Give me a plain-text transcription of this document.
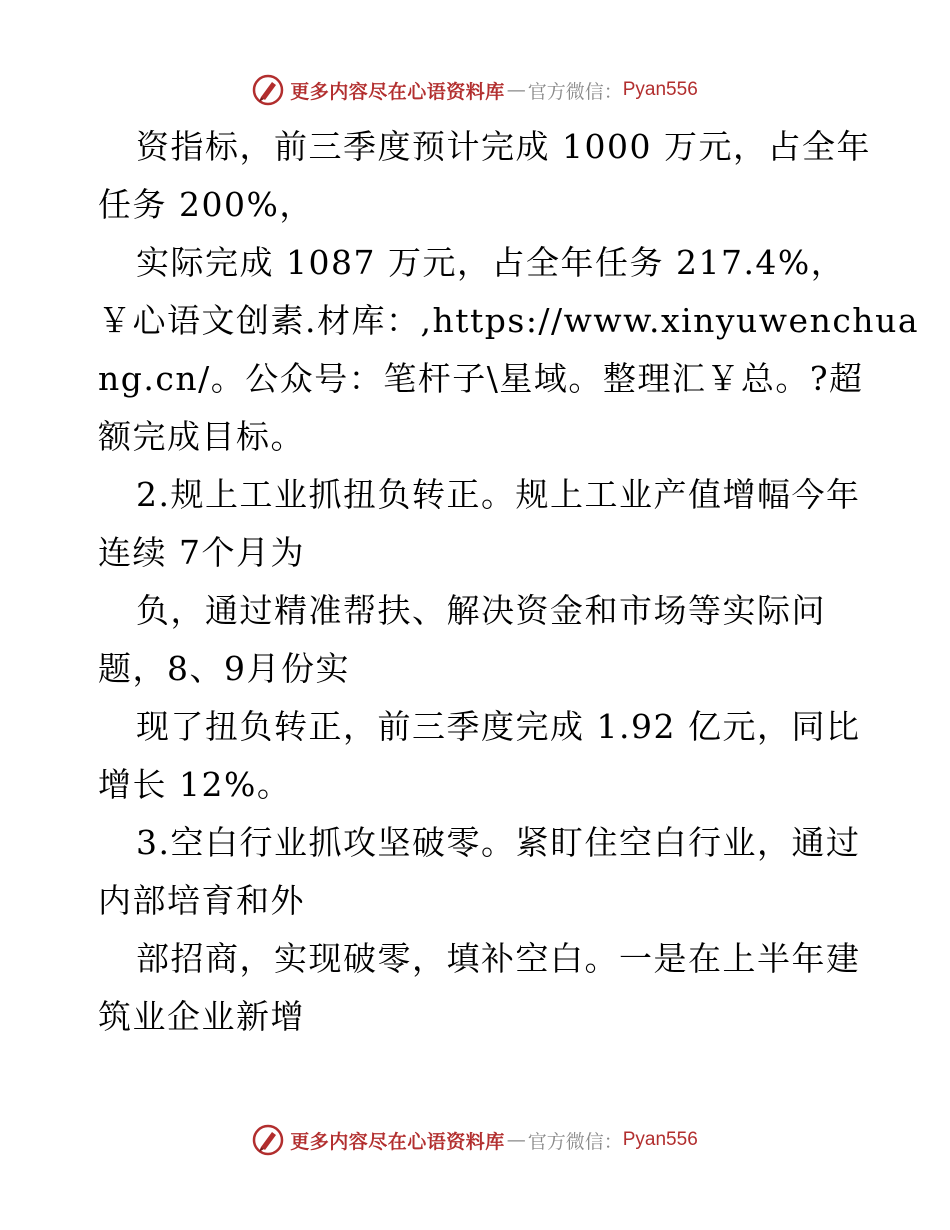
更多内容尽在心语资料库 — 官方微信： Pyan556
资指标，前三季度预计完成 1000 万元，占全年
任务 200%，
实际完成 1087 万元，占全年任务 217.4%，
￥心语文创素.材库：,https://www.xinyuwenchua
ng.cn/。公众号：笔杆子\星域。整理汇￥总。?超
额完成目标。
2.规上工业抓扭负转正。规上工业产值增幅今年
连续 7个月为
负，通过精准帮扶、解决资金和市场等实际问
题，8、9月份实
现了扭负转正，前三季度完成 1.92 亿元，同比
增长 12%。
3.空白行业抓攻坚破零。紧盯住空白行业，通过
内部培育和外
部招商，实现破零，填补空白。一是在上半年建
筑业企业新增
更多内容尽在心语资料库 — 官方微信： Pyan556
